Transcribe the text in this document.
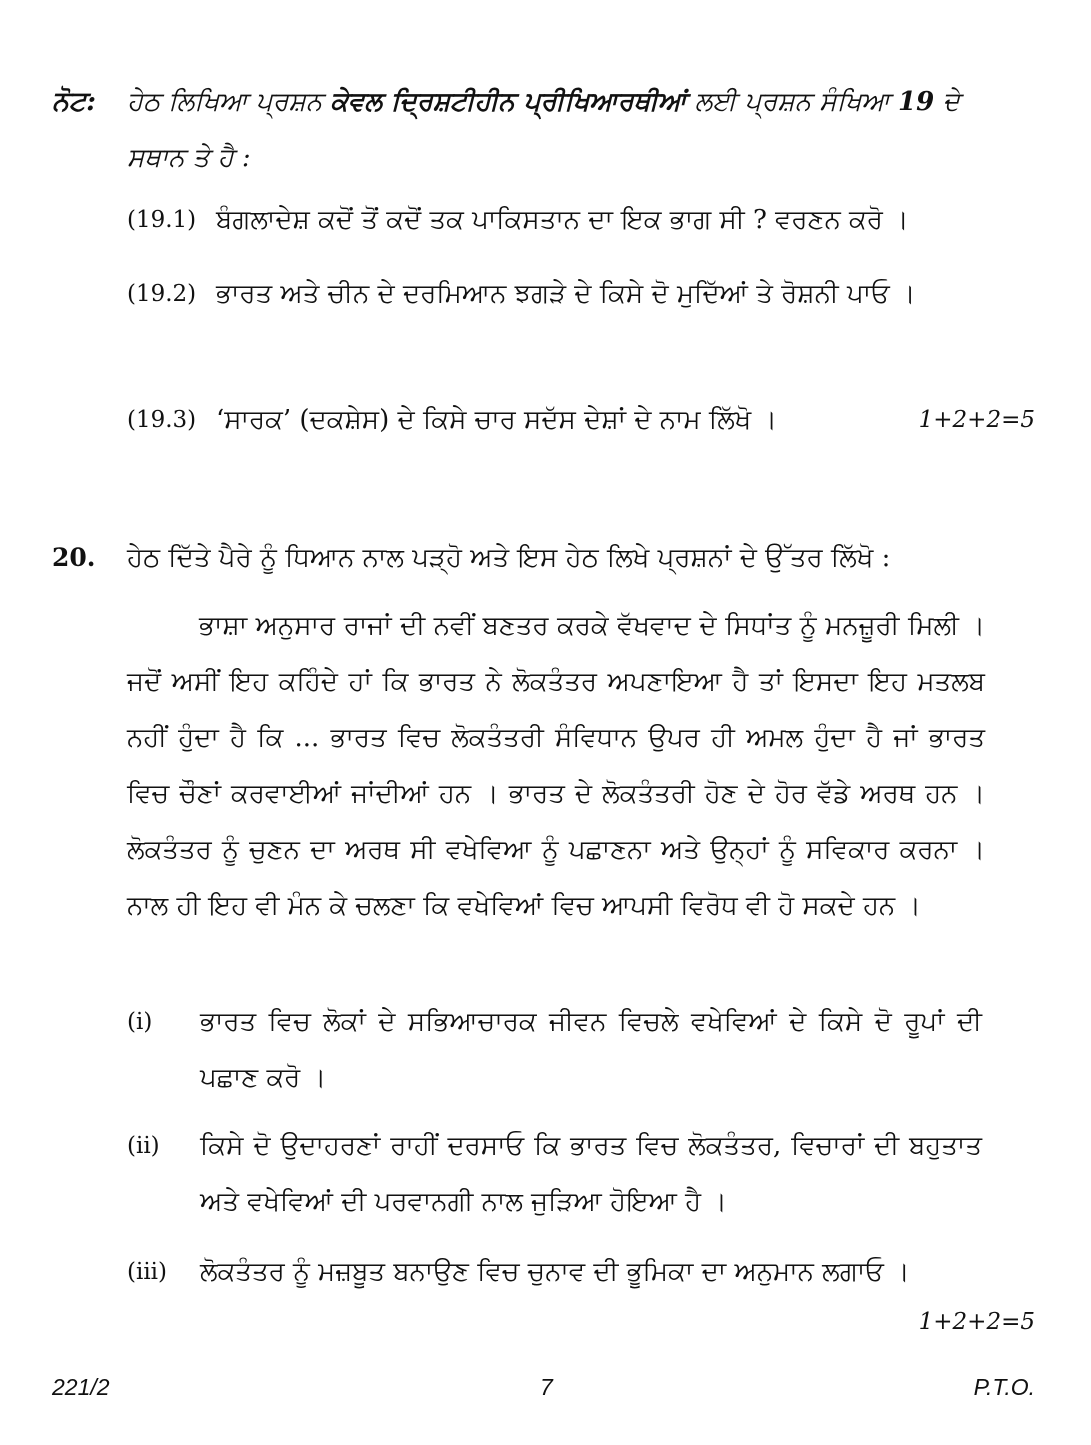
ਨੋਟ: ਹੇਠ ਲਿਖਿਆ ਪ੍ਰਸ਼ਨ ਕੇਵਲ ਦ੍ਰਿਸ਼ਟੀਹੀਨ ਪ੍ਰੀਖਿਆਰਥੀਆਂ ਲਈ ਪ੍ਰਸ਼ਨ ਸੰਖਿਆ 19 ਦੇ ਸਥਾਨ ਤੇ ਹੈ :
(19.1) ਬੰਗਲਾਦੇਸ਼ ਕਦੋਂ ਤੋਂ ਕਦੋਂ ਤਕ ਪਾਕਿਸਤਾਨ ਦਾ ਇਕ ਭਾਗ ਸੀ ? ਵਰਣਨ ਕਰੋ ।
(19.2) ਭਾਰਤ ਅਤੇ ਚੀਨ ਦੇ ਦਰਮਿਆਨ ਝਗੜੇ ਦੇ ਕਿਸੇ ਦੋ ਮੁਦਿੱਆਂ ਤੇ ਰੋਸ਼ਨੀ ਪਾਓ ।
(19.3) ‘ਸਾਰਕ’ (ਦਕਸ਼ੇਸ) ਦੇ ਕਿਸੇ ਚਾਰ ਸਦੱਸ ਦੇਸ਼ਾਂ ਦੇ ਨਾਮ ਲਿੱਖੋ ।	1+2+2=5
20. ਹੇਠ ਦਿੱਤੇ ਪੈਰੇ ਨੂੰ ਧਿਆਨ ਨਾਲ ਪੜ੍ਹੋ ਅਤੇ ਇਸ ਹੇਠ ਲਿਖੇ ਪ੍ਰਸ਼ਨਾਂ ਦੇ ਉੱਤਰ ਲਿੱਖੋ :
ਭਾਸ਼ਾ ਅਨੁਸਾਰ ਰਾਜਾਂ ਦੀ ਨਵੀਂ ਬਣਤਰ ਕਰਕੇ ਵੱਖਵਾਦ ਦੇ ਸਿਧਾਂਤ ਨੂੰ ਮਨਜ਼ੂਰੀ ਮਿਲੀ । ਜਦੋਂ ਅਸੀਂ ਇਹ ਕਹਿੰਦੇ ਹਾਂ ਕਿ ਭਾਰਤ ਨੇ ਲੋਕਤੰਤਰ ਅਪਣਾਇਆ ਹੈ ਤਾਂ ਇਸਦਾ ਇਹ ਮਤਲਬ ਨਹੀਂ ਹੁੰਦਾ ਹੈ ਕਿ ... ਭਾਰਤ ਵਿਚ ਲੋਕਤੰਤਰੀ ਸੰਵਿਧਾਨ ਉਪਰ ਹੀ ਅਮਲ ਹੁੰਦਾ ਹੈ ਜਾਂ ਭਾਰਤ ਵਿਚ ਚੌਣਾਂ ਕਰਵਾਈਆਂ ਜਾਂਦੀਆਂ ਹਨ । ਭਾਰਤ ਦੇ ਲੋਕਤੰਤਰੀ ਹੋਣ ਦੇ ਹੋਰ ਵੱਡੇ ਅਰਥ ਹਨ । ਲੋਕਤੰਤਰ ਨੂੰ ਚੁਣਨ ਦਾ ਅਰਥ ਸੀ ਵਖੇਵਿਆ ਨੂੰ ਪਛਾਣਨਾ ਅਤੇ ਉਨ੍ਹਾਂ ਨੂੰ ਸਵਿਕਾਰ ਕਰਨਾ । ਨਾਲ ਹੀ ਇਹ ਵੀ ਮੰਨ ਕੇ ਚਲਣਾ ਕਿ ਵਖੇਵਿਆਂ ਵਿਚ ਆਪਸੀ ਵਿਰੋਧ ਵੀ ਹੋ ਸਕਦੇ ਹਨ ।
(i) ਭਾਰਤ ਵਿਚ ਲੋਕਾਂ ਦੇ ਸਭਿਆਚਾਰਕ ਜੀਵਨ ਵਿਚਲੇ ਵਖੇਵਿਆਂ ਦੇ ਕਿਸੇ ਦੋ ਰੂਪਾਂ ਦੀ ਪਛਾਣ ਕਰੋ ।
(ii) ਕਿਸੇ ਦੋ ਉਦਾਹਰਣਾਂ ਰਾਹੀਂ ਦਰਸਾਓ ਕਿ ਭਾਰਤ ਵਿਚ ਲੋਕਤੰਤਰ, ਵਿਚਾਰਾਂ ਦੀ ਬਹੁਤਾਤ ਅਤੇ ਵਖੇਵਿਆਂ ਦੀ ਪਰਵਾਨਗੀ ਨਾਲ ਜੁੜਿਆ ਹੋਇਆ ਹੈ ।
(iii) ਲੋਕਤੰਤਰ ਨੂੰ ਮਜ਼ਬੂਤ ਬਨਾਉਣ ਵਿਚ ਚੁਨਾਵ ਦੀ ਭੂਮਿਕਾ ਦਾ ਅਨੁਮਾਨ ਲਗਾਓ ।
1+2+2=5
221/2	7	P.T.O.
